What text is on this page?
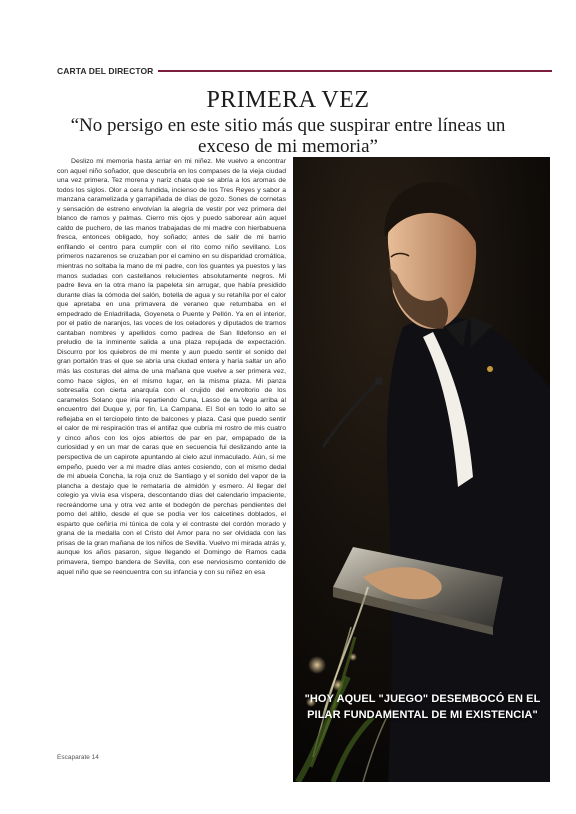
CARTA DEL DIRECTOR
PRIMERA VEZ
“No persigo en este sitio más que suspirar entre líneas un exceso de mi memoria”

Deslizo mi memoria hasta arriar en mi niñez. Me vuelvo a encontrar con aquel niño soñador, que descubría en los compases de la vieja ciudad una vez primera. Tez morena y nariz chata que se abría a los aromas de todos los siglos. Olor a cera fundida, incienso de los Tres Reyes y sabor a manzana caramelizada y garrapiñada de días de gozo. Sones de cornetas y sensación de estreno envolvían la alegría de vestir por vez primera del blanco de ramos y palmas. Cierro mis ojos y puedo saborear aún aquel caldo de puchero, de las manos trabajadas de mi madre con hierbabuena fresca, entonces obligado, hoy soñado; antes de salir de mi barrio enfilando el centro para cumplir con el rito como niño sevillano. Los primeros nazarenos se cruzaban por el camino en su disparidad cromática, mientras no soltaba la mano de mi padre, con los guantes ya puestos y las manos sudadas con castellanos relucientes absolutamente negros. Mi padre lleva en la otra mano la papeleta sin arrugar, que había presidido durante días la cómoda del salón, botella de agua y su retahíla por el calor que apretaba en una primavera de veraneo que retumbaba en el empedrado de Enladrillada, Goyeneta o Puente y Pellón. Ya en el interior, por el patio de naranjos, las voces de los celadores y diputados de tramos cantaban nombres y apellidos como padrea de San Ildefonso en el preludio de la inminente salida a una plaza repujada de expectación. Discurro por los quiebros de mi mente y aun puedo sentir el sonido del gran portalón tras el que se abría una ciudad entera y haría saltar un año más las costuras del alma de una mañana que vuelve a ser primera vez, como hace siglos, en el mismo lugar, en la misma plaza. Mi panza sobresalía con cierta anarquía con el crujido del envoltorio de los caramelos Solano que iría repartiendo Cuna, Lasso de la Vega arriba al encuentro del Duque y, por fin, La Campana. El Sol en todo lo alto se reflejaba en el terciopelo tinto de balcones y plaza. Casi que puedo sentir el calor de mi respiración tras el antifaz que cubría mi rostro de mis cuatro y cinco años con los ojos abiertos de par en par, empapado de la curiosidad y en un mar de caras que en secuencia fui deslizando ante la perspectiva de un capirote apuntando al cielo azul inmaculado. Aún, si me empeño, puedo ver a mi madre días antes cosiendo, con el mismo dedal de mi abuela Concha, la roja cruz de Santiago y el sonido del vapor de la plancha a destajo que le remataría de almidón y esmero. Al llegar del colegio ya vivía esa víspera, descontando días del calendario impaciente, recreándome una y otra vez ante el bodegón de perchas pendientes del pomo del altillo, desde el que se podía ver los calcetines doblados, el esparto que ceñiría mi túnica de cola y el contraste del cordón morado y grana de la medalla con el Cristo del Amor para no ser olvidada con las prisas de la gran mañana de los niños de Sevilla. Vuelvo mi mirada atrás y, aunque los años pasaron, sigue llegando el Domingo de Ramos cada primavera, tiempo bandera de Sevilla, con ese nerviosismo contenido de aquel niño que se reencuentra con su infancia y con su niñez en esa

"HOY AQUEL "JUEGO" DESEMBOCÓ EN EL PILAR FUNDAMENTAL DE MI EXISTENCIA"
Escaparate 14
